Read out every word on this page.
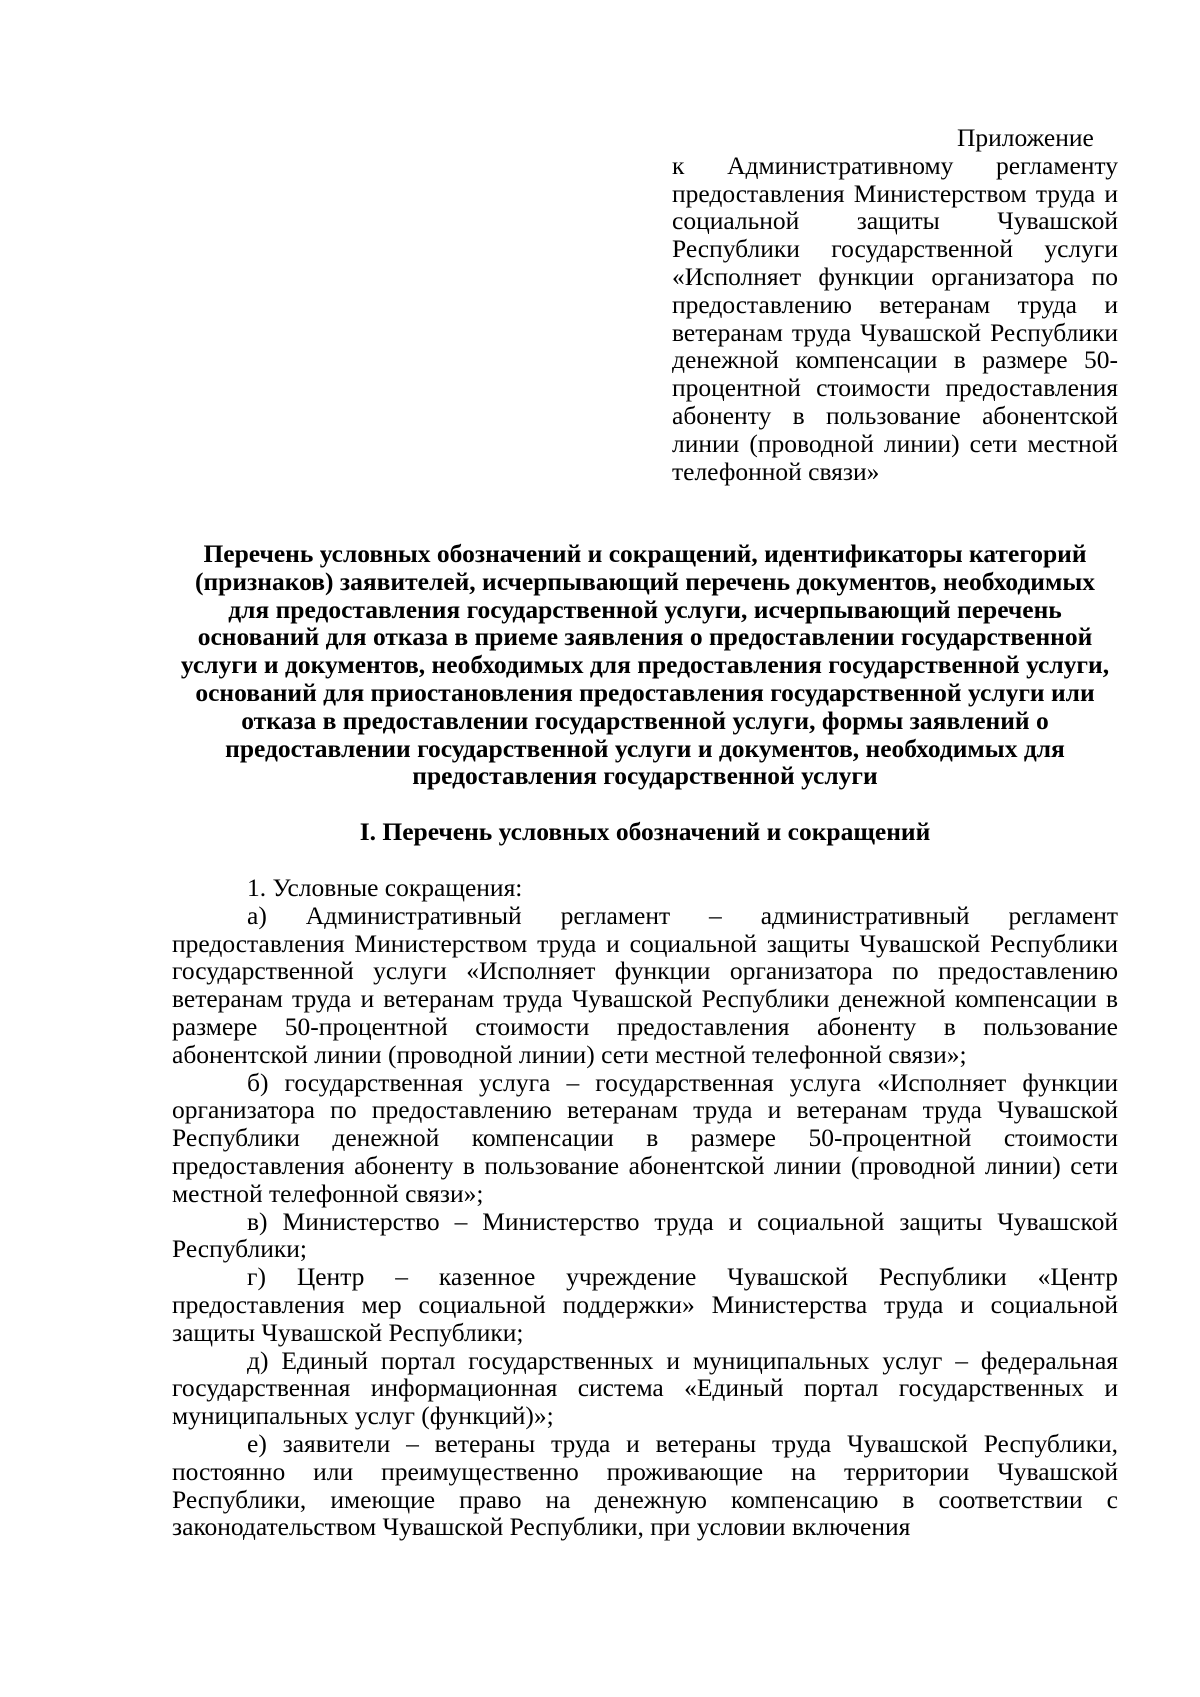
Приложение
к Административному регламенту предоставления Министерством труда и социальной защиты Чувашской Республики государственной услуги «Исполняет функции организатора по предоставлению ветеранам труда и ветеранам труда Чувашской Республики денежной компенсации в размере 50-процентной стоимости предоставления абоненту в пользование абонентской линии (проводной линии) сети местной телефонной связи»
Перечень условных обозначений и сокращений, идентификаторы категорий (признаков) заявителей, исчерпывающий перечень документов, необходимых для предоставления государственной услуги, исчерпывающий перечень оснований для отказа в приеме заявления о предоставлении государственной услуги и документов, необходимых для предоставления государственной услуги, оснований для приостановления предоставления государственной услуги или отказа в предоставлении государственной услуги, формы заявлений о предоставлении государственной услуги и документов, необходимых для предоставления государственной услуги
I. Перечень условных обозначений и сокращений

1. Условные сокращения:

а) Административный регламент – административный регламент предоставления Министерством труда и социальной защиты Чувашской Республики государственной услуги «Исполняет функции организатора по предоставлению ветеранам труда и ветеранам труда Чувашской Республики денежной компенсации в размере 50-процентной стоимости предоставления абоненту в пользование абонентской линии (проводной линии) сети местной телефонной связи»;

б) государственная услуга – государственная услуга «Исполняет функции организатора по предоставлению ветеранам труда и ветеранам труда Чувашской Республики денежной компенсации в размере 50-процентной стоимости предоставления абоненту в пользование абонентской линии (проводной линии) сети местной телефонной связи»;

в) Министерство – Министерство труда и социальной защиты Чувашской Республики;

г) Центр – казенное учреждение Чувашской Республики «Центр предоставления мер социальной поддержки» Министерства труда и социальной защиты Чувашской Республики;

д) Единый портал государственных и муниципальных услуг – федеральная государственная информационная система «Единый портал государственных и муниципальных услуг (функций)»;

е) заявители – ветераны труда и ветераны труда Чувашской Республики, постоянно или преимущественно проживающие на территории Чувашской Республики, имеющие право на денежную компенсацию в соответствии с законодательством Чувашской Республики, при условии включения
